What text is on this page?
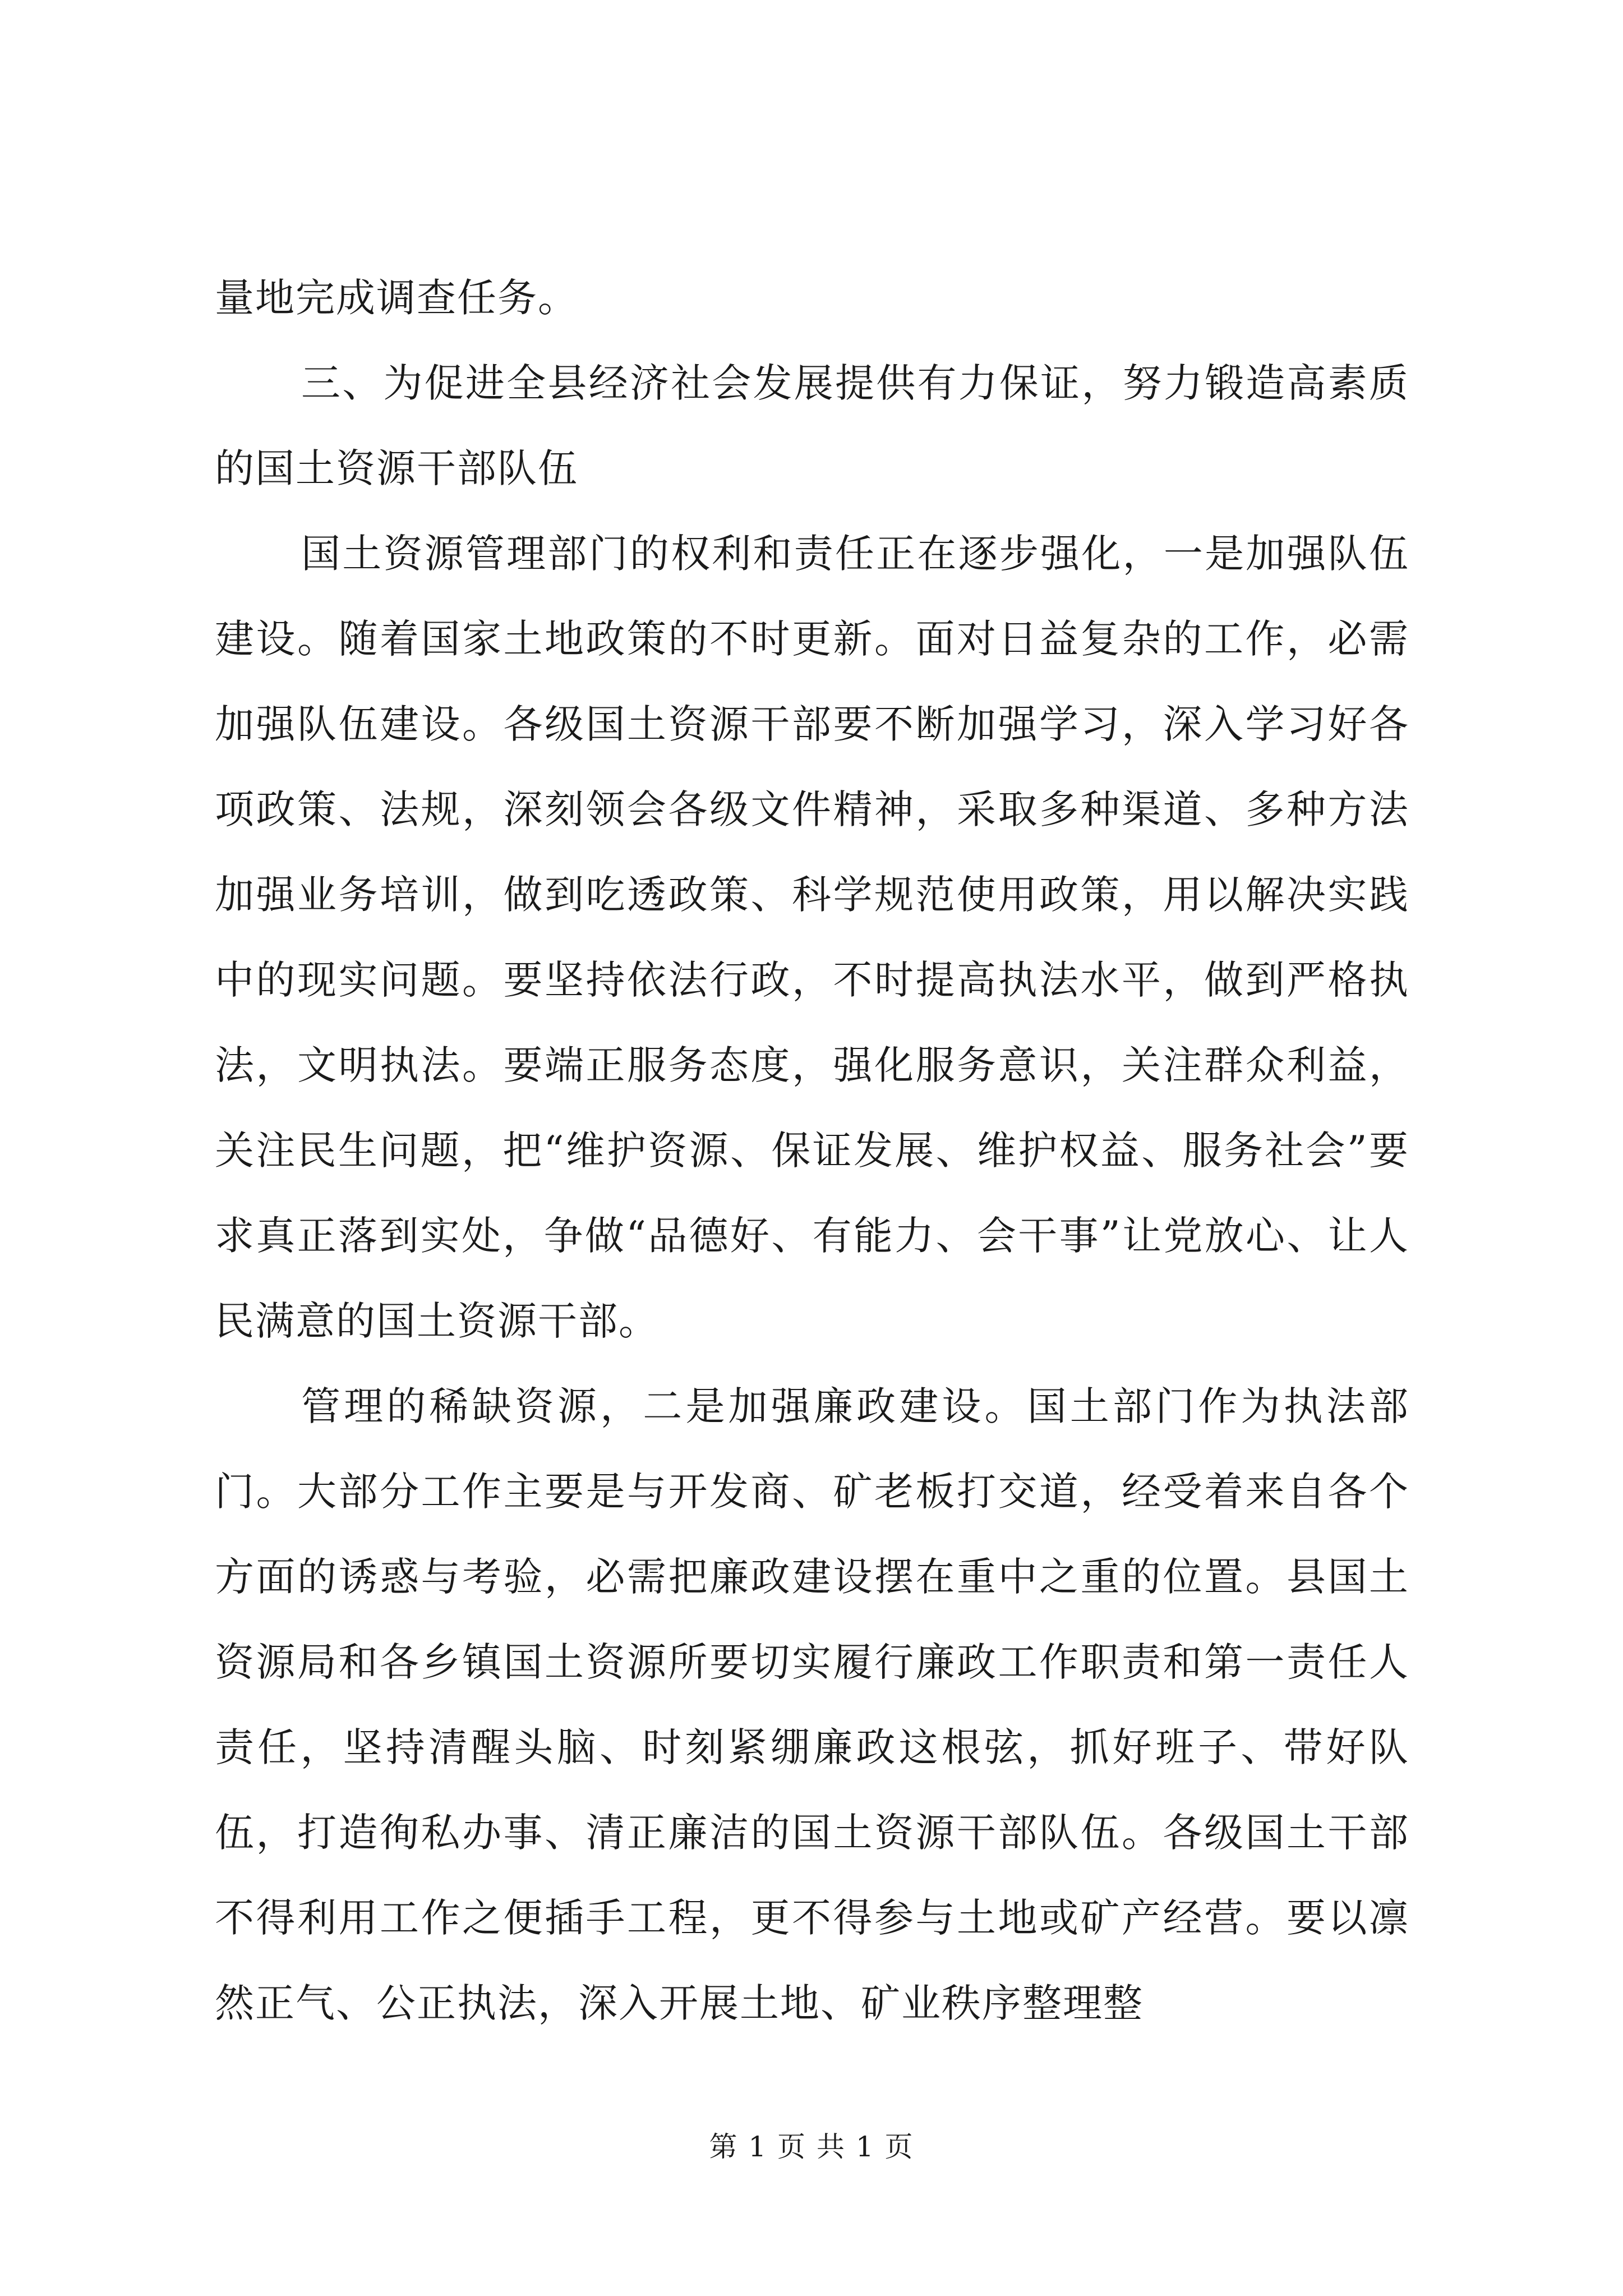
量地完成调查任务。

三、为促进全县经济社会发展提供有力保证，努力锻造高素质的国土资源干部队伍

国土资源管理部门的权利和责任正在逐步强化，一是加强队伍建设。随着国家土地政策的不时更新。面对日益复杂的工作，必需加强队伍建设。各级国土资源干部要不断加强学习，深入学习好各项政策、法规，深刻领会各级文件精神，采取多种渠道、多种方法加强业务培训，做到吃透政策、科学规范使用政策，用以解决实践中的现实问题。要坚持依法行政，不时提高执法水平，做到严格执法，文明执法。要端正服务态度，强化服务意识，关注群众利益，关注民生问题，把“维护资源、保证发展、维护权益、服务社会”要求真正落到实处，争做“品德好、有能力、会干事”让党放心、让人民满意的国土资源干部。

管理的稀缺资源，二是加强廉政建设。国土部门作为执法部门。大部分工作主要是与开发商、矿老板打交道，经受着来自各个方面的诱惑与考验，必需把廉政建设摆在重中之重的位置。县国土资源局和各乡镇国土资源所要切实履行廉政工作职责和第一责任人责任，坚持清醒头脑、时刻紧绷廉政这根弦，抓好班子、带好队伍，打造徇私办事、清正廉洁的国土资源干部队伍。各级国土干部不得利用工作之便插手工程，更不得参与土地或矿产经营。要以凛然正气、公正执法，深入开展土地、矿业秩序整理整

第 1 页 共 1 页
